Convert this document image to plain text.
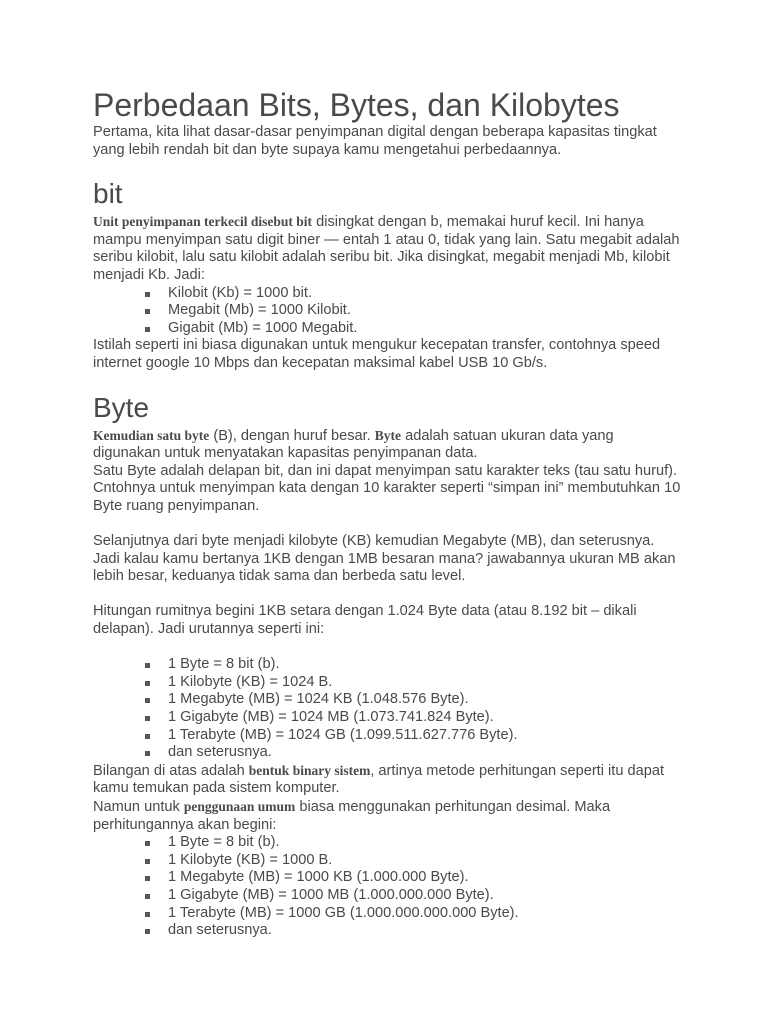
Perbedaan Bits, Bytes, dan Kilobytes

Pertama, kita lihat dasar-dasar penyimpanan digital dengan beberapa kapasitas tingkat yang lebih rendah bit dan byte supaya kamu mengetahui perbedaannya.

bit

Unit penyimpanan terkecil disebut bit disingkat dengan b, memakai huruf kecil. Ini hanya mampu menyimpan satu digit biner — entah 1 atau 0, tidak yang lain. Satu megabit adalah seribu kilobit, lalu satu kilobit adalah seribu bit. Jika disingkat, megabit menjadi Mb, kilobit menjadi Kb. Jadi:

Kilobit (Kb) = 1000 bit.
Megabit (Mb) = 1000 Kilobit.
Gigabit (Mb) = 1000 Megabit.

Istilah seperti ini biasa digunakan untuk mengukur kecepatan transfer, contohnya speed internet google 10 Mbps dan kecepatan maksimal kabel USB 10 Gb/s.

Byte

Kemudian satu byte (B), dengan huruf besar. Byte adalah satuan ukuran data yang digunakan untuk menyatakan kapasitas penyimpanan data.

Satu Byte adalah delapan bit, dan ini dapat menyimpan satu karakter teks (tau satu huruf). Cntohnya untuk menyimpan kata dengan 10 karakter seperti “simpan ini” membutuhkan 10 Byte ruang penyimpanan.

Selanjutnya dari byte menjadi kilobyte (KB) kemudian Megabyte (MB), dan seterusnya. Jadi kalau kamu bertanya 1KB dengan 1MB besaran mana? jawabannya ukuran MB akan lebih besar, keduanya tidak sama dan berbeda satu level.

Hitungan rumitnya begini 1KB setara dengan 1.024 Byte data (atau 8.192 bit – dikali delapan). Jadi urutannya seperti ini:

1 Byte = 8 bit (b).
1 Kilobyte (KB) = 1024 B.
1 Megabyte (MB) = 1024 KB (1.048.576 Byte).
1 Gigabyte (MB) = 1024 MB (1.073.741.824 Byte).
1 Terabyte (MB) = 1024 GB (1.099.511.627.776 Byte).
dan seterusnya.

Bilangan di atas adalah bentuk binary sistem, artinya metode perhitungan seperti itu dapat kamu temukan pada sistem komputer.

Namun untuk penggunaan umum biasa menggunakan perhitungan desimal. Maka perhitungannya akan begini:

1 Byte = 8 bit (b).
1 Kilobyte (KB) = 1000 B.
1 Megabyte (MB) = 1000 KB (1.000.000 Byte).
1 Gigabyte (MB) = 1000 MB (1.000.000.000 Byte).
1 Terabyte (MB) = 1000 GB (1.000.000.000.000 Byte).
dan seterusnya.
